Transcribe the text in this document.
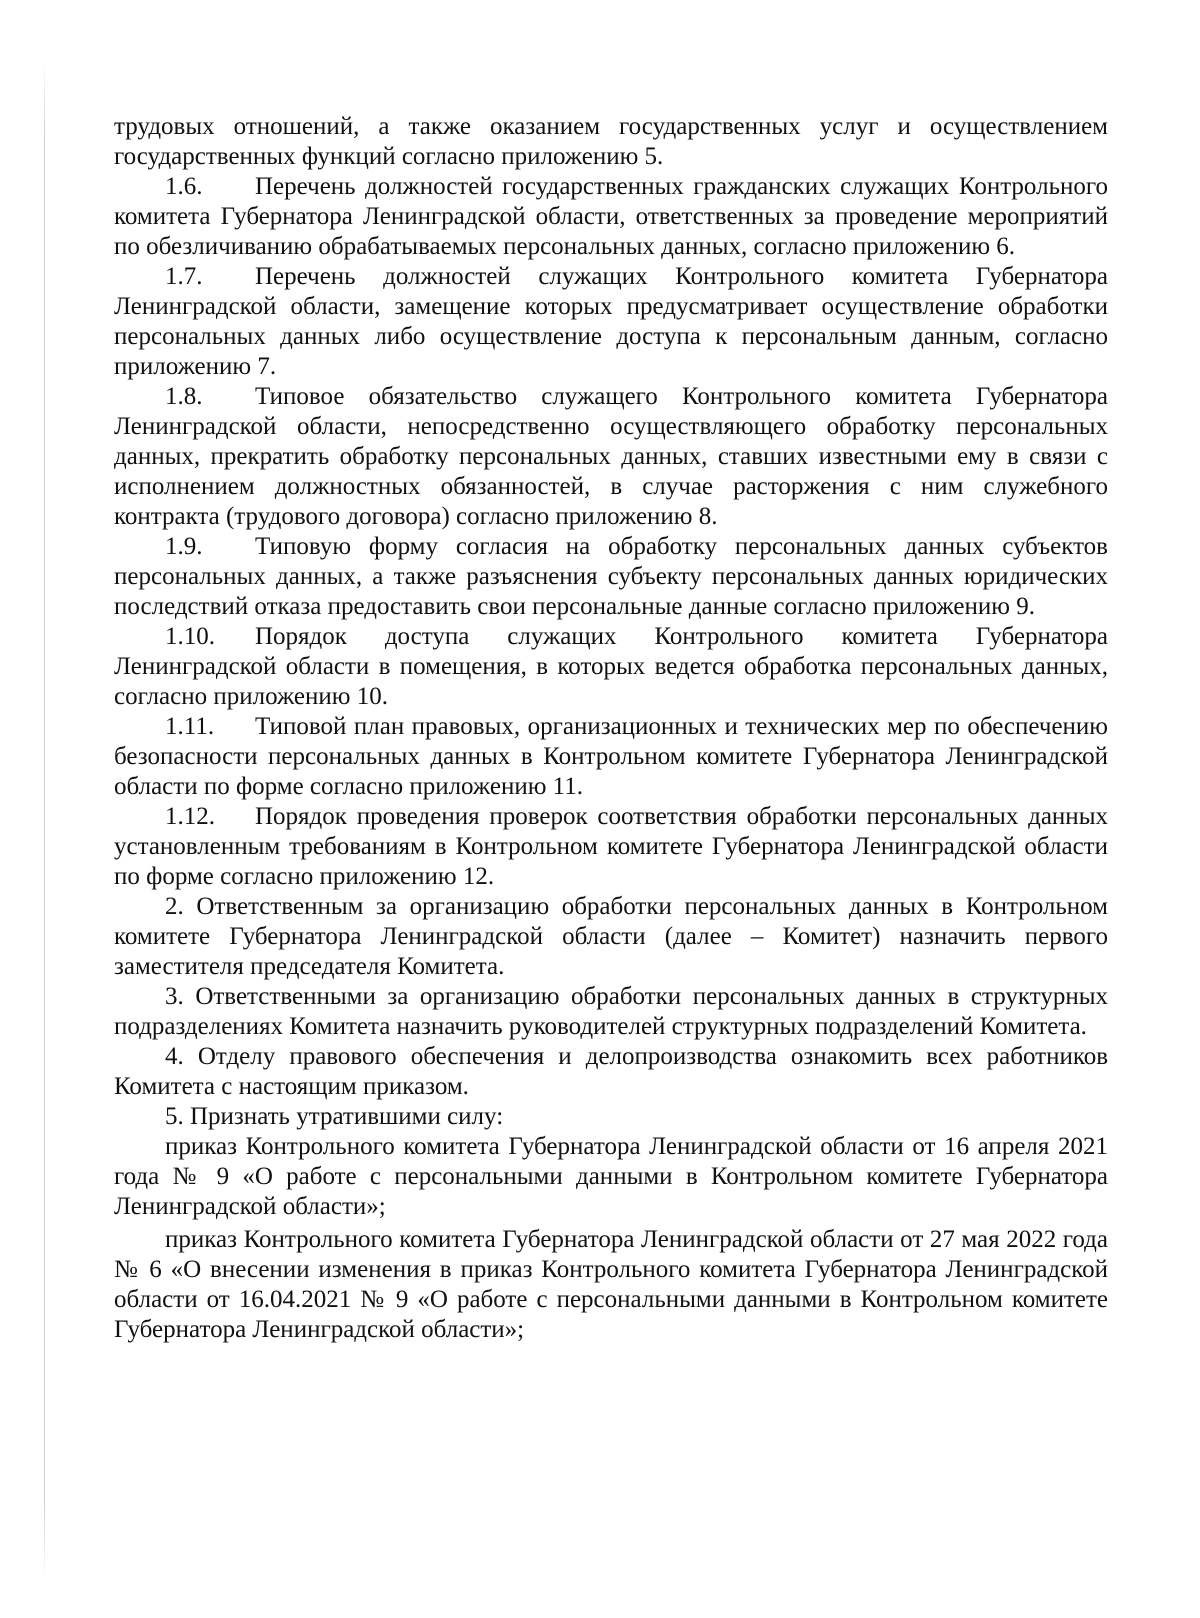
трудовых отношений, а также оказанием государственных услуг и осуществлением государственных функций согласно приложению 5.

1.6. Перечень должностей государственных гражданских служащих Контрольного комитета Губернатора Ленинградской области, ответственных за проведение мероприятий по обезличиванию обрабатываемых персональных данных, согласно приложению 6.

1.7. Перечень должностей служащих Контрольного комитета Губернатора Ленинградской области, замещение которых предусматривает осуществление обработки персональных данных либо осуществление доступа к персональным данным, согласно приложению 7.

1.8. Типовое обязательство служащего Контрольного комитета Губернатора Ленинградской области, непосредственно осуществляющего обработку персональных данных, прекратить обработку персональных данных, ставших известными ему в связи с исполнением должностных обязанностей, в случае расторжения с ним служебного контракта (трудового договора) согласно приложению 8.

1.9. Типовую форму согласия на обработку персональных данных субъектов персональных данных, а также разъяснения субъекту персональных данных юридических последствий отказа предоставить свои персональные данные согласно приложению 9.

1.10. Порядок доступа служащих Контрольного комитета Губернатора Ленинградской области в помещения, в которых ведется обработка персональных данных, согласно приложению 10.

1.11. Типовой план правовых, организационных и технических мер по обеспечению безопасности персональных данных в Контрольном комитете Губернатора Ленинградской области по форме согласно приложению 11.

1.12. Порядок проведения проверок соответствия обработки персональных данных установленным требованиям в Контрольном комитете Губернатора Ленинградской области по форме согласно приложению 12.

2. Ответственным за организацию обработки персональных данных в Контрольном комитете Губернатора Ленинградской области (далее – Комитет) назначить первого заместителя председателя Комитета.

3. Ответственными за организацию обработки персональных данных в структурных подразделениях Комитета назначить руководителей структурных подразделений Комитета.

4. Отделу правового обеспечения и делопроизводства ознакомить всех работников Комитета с настоящим приказом.

5. Признать утратившими силу:

приказ Контрольного комитета Губернатора Ленинградской области от 16 апреля 2021 года № 9 «О работе с персональными данными в Контрольном комитете Губернатора Ленинградской области»;

приказ Контрольного комитета Губернатора Ленинградской области от 27 мая 2022 года № 6 «О внесении изменения в приказ Контрольного комитета Губернатора Ленинградской области от 16.04.2021 № 9 «О работе с персональными данными в Контрольном комитете Губернатора Ленинградской области»;
